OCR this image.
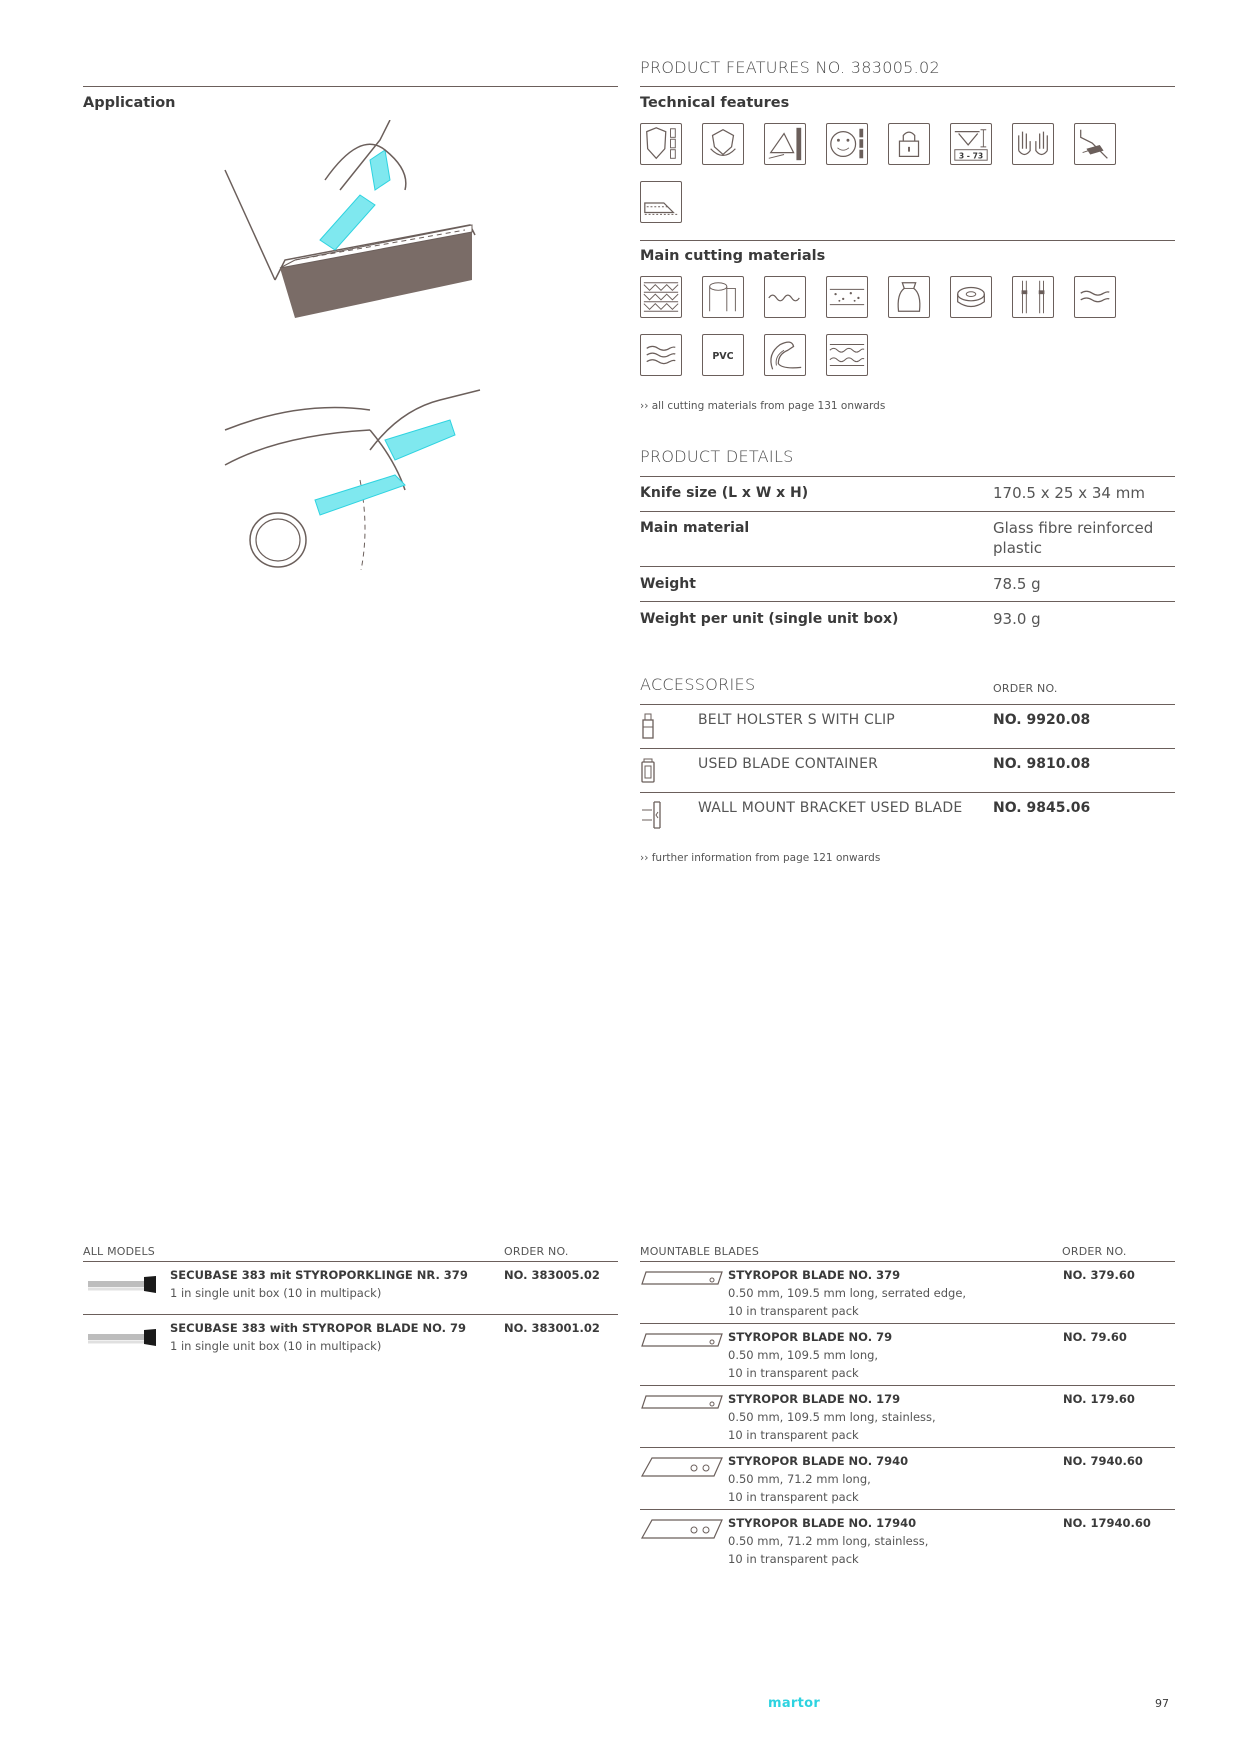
Application
PRODUCT FEATURES NO. 383005.02
Technical features
3 - 73
Main cutting materials
PVC
›› all cutting materials from page 131 onwards
PRODUCT DETAILS
Knife size (L x W x H)	170.5 x 25 x 34 mm
Main material	Glass fibre reinforced plastic
Weight	78.5 g
Weight per unit (single unit box)	93.0 g
ACCESSORIES	ORDER NO.
BELT HOLSTER S WITH CLIP	NO. 9920.08
USED BLADE CONTAINER	NO. 9810.08
WALL MOUNT BRACKET USED BLADE NO. 9845.06
›› further information from page 121 onwards
ALL MODELS	ORDER NO.
SECUBASE 383 mit STYROPORKLINGE NR. 379
1 in single unit box (10 in multipack)
NO. 383005.02
SECUBASE 383 with STYROPOR BLADE NO. 79
1 in single unit box (10 in multipack)
NO. 383001.02
MOUNTABLE BLADES	ORDER NO.
STYROPOR BLADE NO. 379
0.50 mm, 109.5 mm long, serrated edge,
10 in transparent pack
NO. 379.60
STYROPOR BLADE NO. 79
0.50 mm, 109.5 mm long,
10 in transparent pack
NO. 79.60
STYROPOR BLADE NO. 179
0.50 mm, 109.5 mm long, stainless,
10 in transparent pack
NO. 179.60
STYROPOR BLADE NO. 7940
0.50 mm, 71.2 mm long,
10 in transparent pack
NO. 7940.60
STYROPOR BLADE NO. 17940
0.50 mm, 71.2 mm long, stainless,
10 in transparent pack
NO. 17940.60
martor	97
